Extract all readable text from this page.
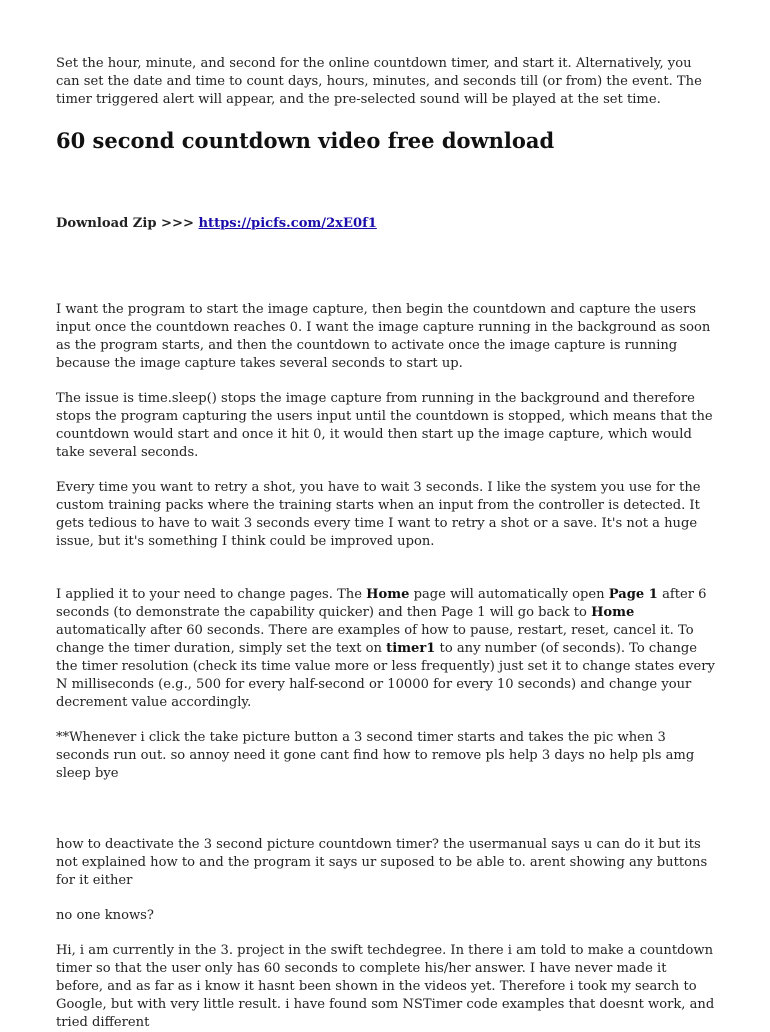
Set the hour, minute, and second for the online countdown timer, and start it. Alternatively, you can set the date and time to count days, hours, minutes, and seconds till (or from) the event. The timer triggered alert will appear, and the pre-selected sound will be played at the set time.

60 second countdown video free download

Download Zip >>> https://picfs.com/2xE0f1

I want the program to start the image capture, then begin the countdown and capture the users input once the countdown reaches 0. I want the image capture running in the background as soon as the program starts, and then the countdown to activate once the image capture is running because the image capture takes several seconds to start up.

The issue is time.sleep() stops the image capture from running in the background and therefore stops the program capturing the users input until the countdown is stopped, which means that the countdown would start and once it hit 0, it would then start up the image capture, which would take several seconds.

Every time you want to retry a shot, you have to wait 3 seconds. I like the system you use for the custom training packs where the training starts when an input from the controller is detected. It gets tedious to have to wait 3 seconds every time I want to retry a shot or a save. It's not a huge issue, but it's something I think could be improved upon.

I applied it to your need to change pages. The Home page will automatically open Page 1 after 6 seconds (to demonstrate the capability quicker) and then Page 1 will go back to Home automatically after 60 seconds. There are examples of how to pause, restart, reset, cancel it. To change the timer duration, simply set the text on timer1 to any number (of seconds). To change the timer resolution (check its time value more or less frequently) just set it to change states every N milliseconds (e.g., 500 for every half-second or 10000 for every 10 seconds) and change your decrement value accordingly.

**Whenever i click the take picture button a 3 second timer starts and takes the pic when 3 seconds run out. so annoy need it gone cant find how to remove pls help 3 days no help pls amg sleep bye

how to deactivate the 3 second picture countdown timer? the usermanual says u can do it but its not explained how to and the program it says ur suposed to be able to. arent showing any buttons for it either

no one knows?

Hi, i am currently in the 3. project in the swift techdegree. In there i am told to make a countdown timer so that the user only has 60 seconds to complete his/her answer. I have never made it before, and as far as i know it hasnt been shown in the videos yet. Therefore i took my search to Google, but with very little result. i have found som NSTimer code examples that doesnt work, and tried different
